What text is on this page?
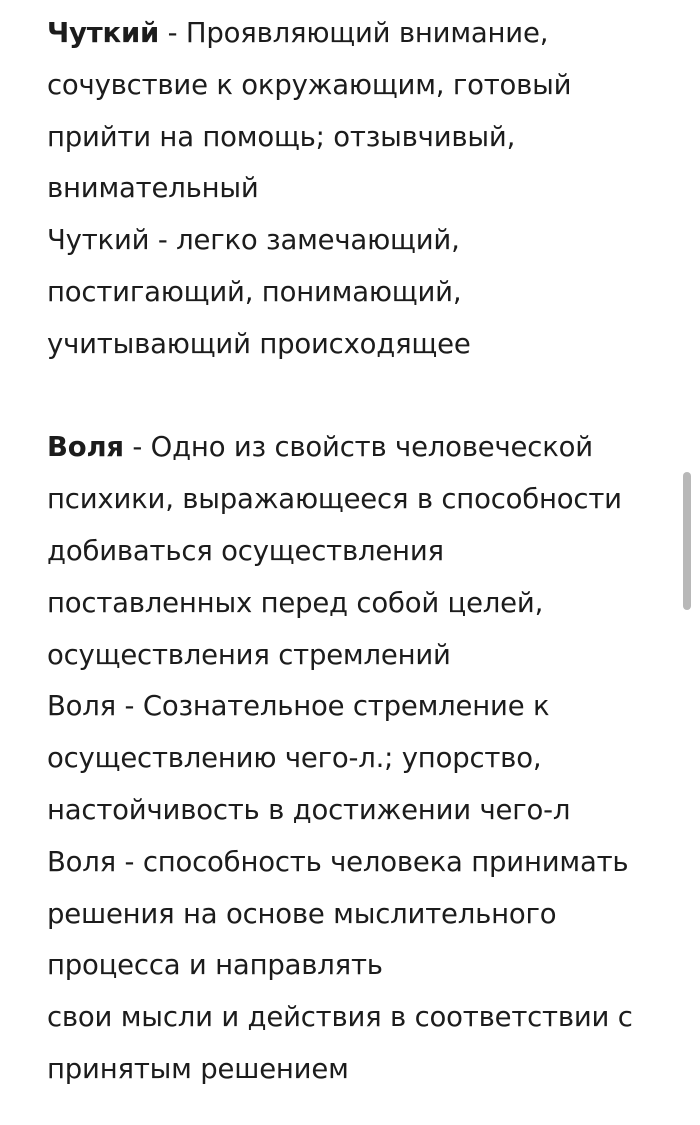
Чуткий - Проявляющий внимание,
сочувствие к окружающим, готовый
прийти на помощь; отзывчивый,
внимательный
Чуткий - легко замечающий,
постигающий, понимающий,
учитывающий происходящее
Воля - Одно из свойств человеческой
психики, выражающееся в способности
добиваться осуществления
поставленных перед собой целей,
осуществления стремлений
Воля - Сознательное стремление к
осуществлению чего-л.; упорство,
настойчивость в достижении чего-л
Воля - способность человека принимать
решения на основе мыслительного
процесса и направлять
свои мысли и действия в соответствии с
принятым решением
